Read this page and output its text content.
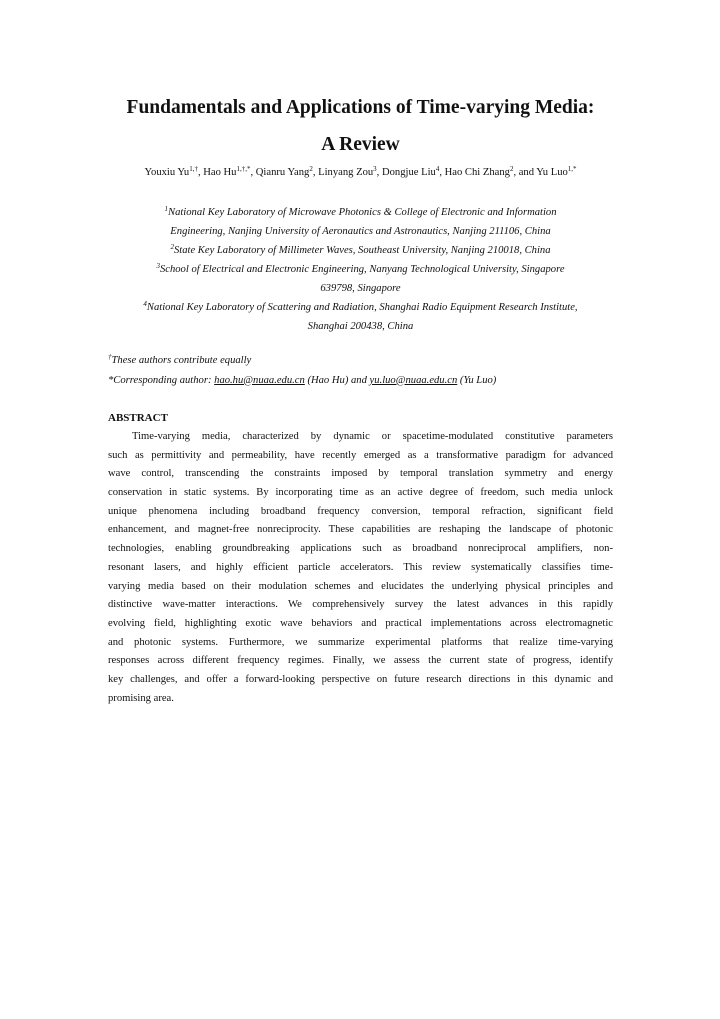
Fundamentals and Applications of Time-varying Media:
A Review
Youxiu $Yu^{1,\dagger}$, Hao $Hu^{1,\dagger,*}$, Qianru Yang$^2$, Linyang Zou$^3$, Dongjue Liu$^4$, Hao Chi Zhang$^2$, and Yu Luo$^{1,*}$
$^1$National Key Laboratory of Microwave Photonics & College of Electronic and Information
Engineering, Nanjing University of Aeronautics and Astronautics, Nanjing 211106, China
$^2$State Key Laboratory of Millimeter Waves, Southeast University, Nanjing 210018, China
$^3$School of Electrical and Electronic Engineering, Nanyang Technological University, Singapore
639798, Singapore
$^4$National Key Laboratory of Scattering and Radiation, Shanghai Radio Equipment Research Institute,
Shanghai 200438, China
†These authors contribute equally
*Corresponding author: hao.hu@nuaa.edu.cn (Hao Hu) and yu.luo@nuaa.edu.cn (Yu Luo)
ABSTRACT
Time-varying media, characterized by dynamic or spacetime-modulated constitutive parameters
such as permittivity and permeability, have recently emerged as a transformative paradigm for advanced
wave control, transcending the constraints imposed by temporal translation symmetry and energy
conservation in static systems. By incorporating time as an active degree of freedom, such media unlock
unique phenomena including broadband frequency conversion, temporal refraction, significant field
enhancement, and magnet-free nonreciprocity. These capabilities are reshaping the landscape of photonic
technologies, enabling groundbreaking applications such as broadband nonreciprocal amplifiers, non-
resonant lasers, and highly efficient particle accelerators. This review systematically classifies time-
varying media based on their modulation schemes and elucidates the underlying physical principles and
distinctive wave-matter interactions. We comprehensively survey the latest advances in this rapidly
evolving field, highlighting exotic wave behaviors and practical implementations across electromagnetic
and photonic systems. Furthermore, we summarize experimental platforms that realize time-varying
responses across different frequency regimes. Finally, we assess the current state of progress, identify
key challenges, and offer a forward-looking perspective on future research directions in this dynamic and
promising area.
